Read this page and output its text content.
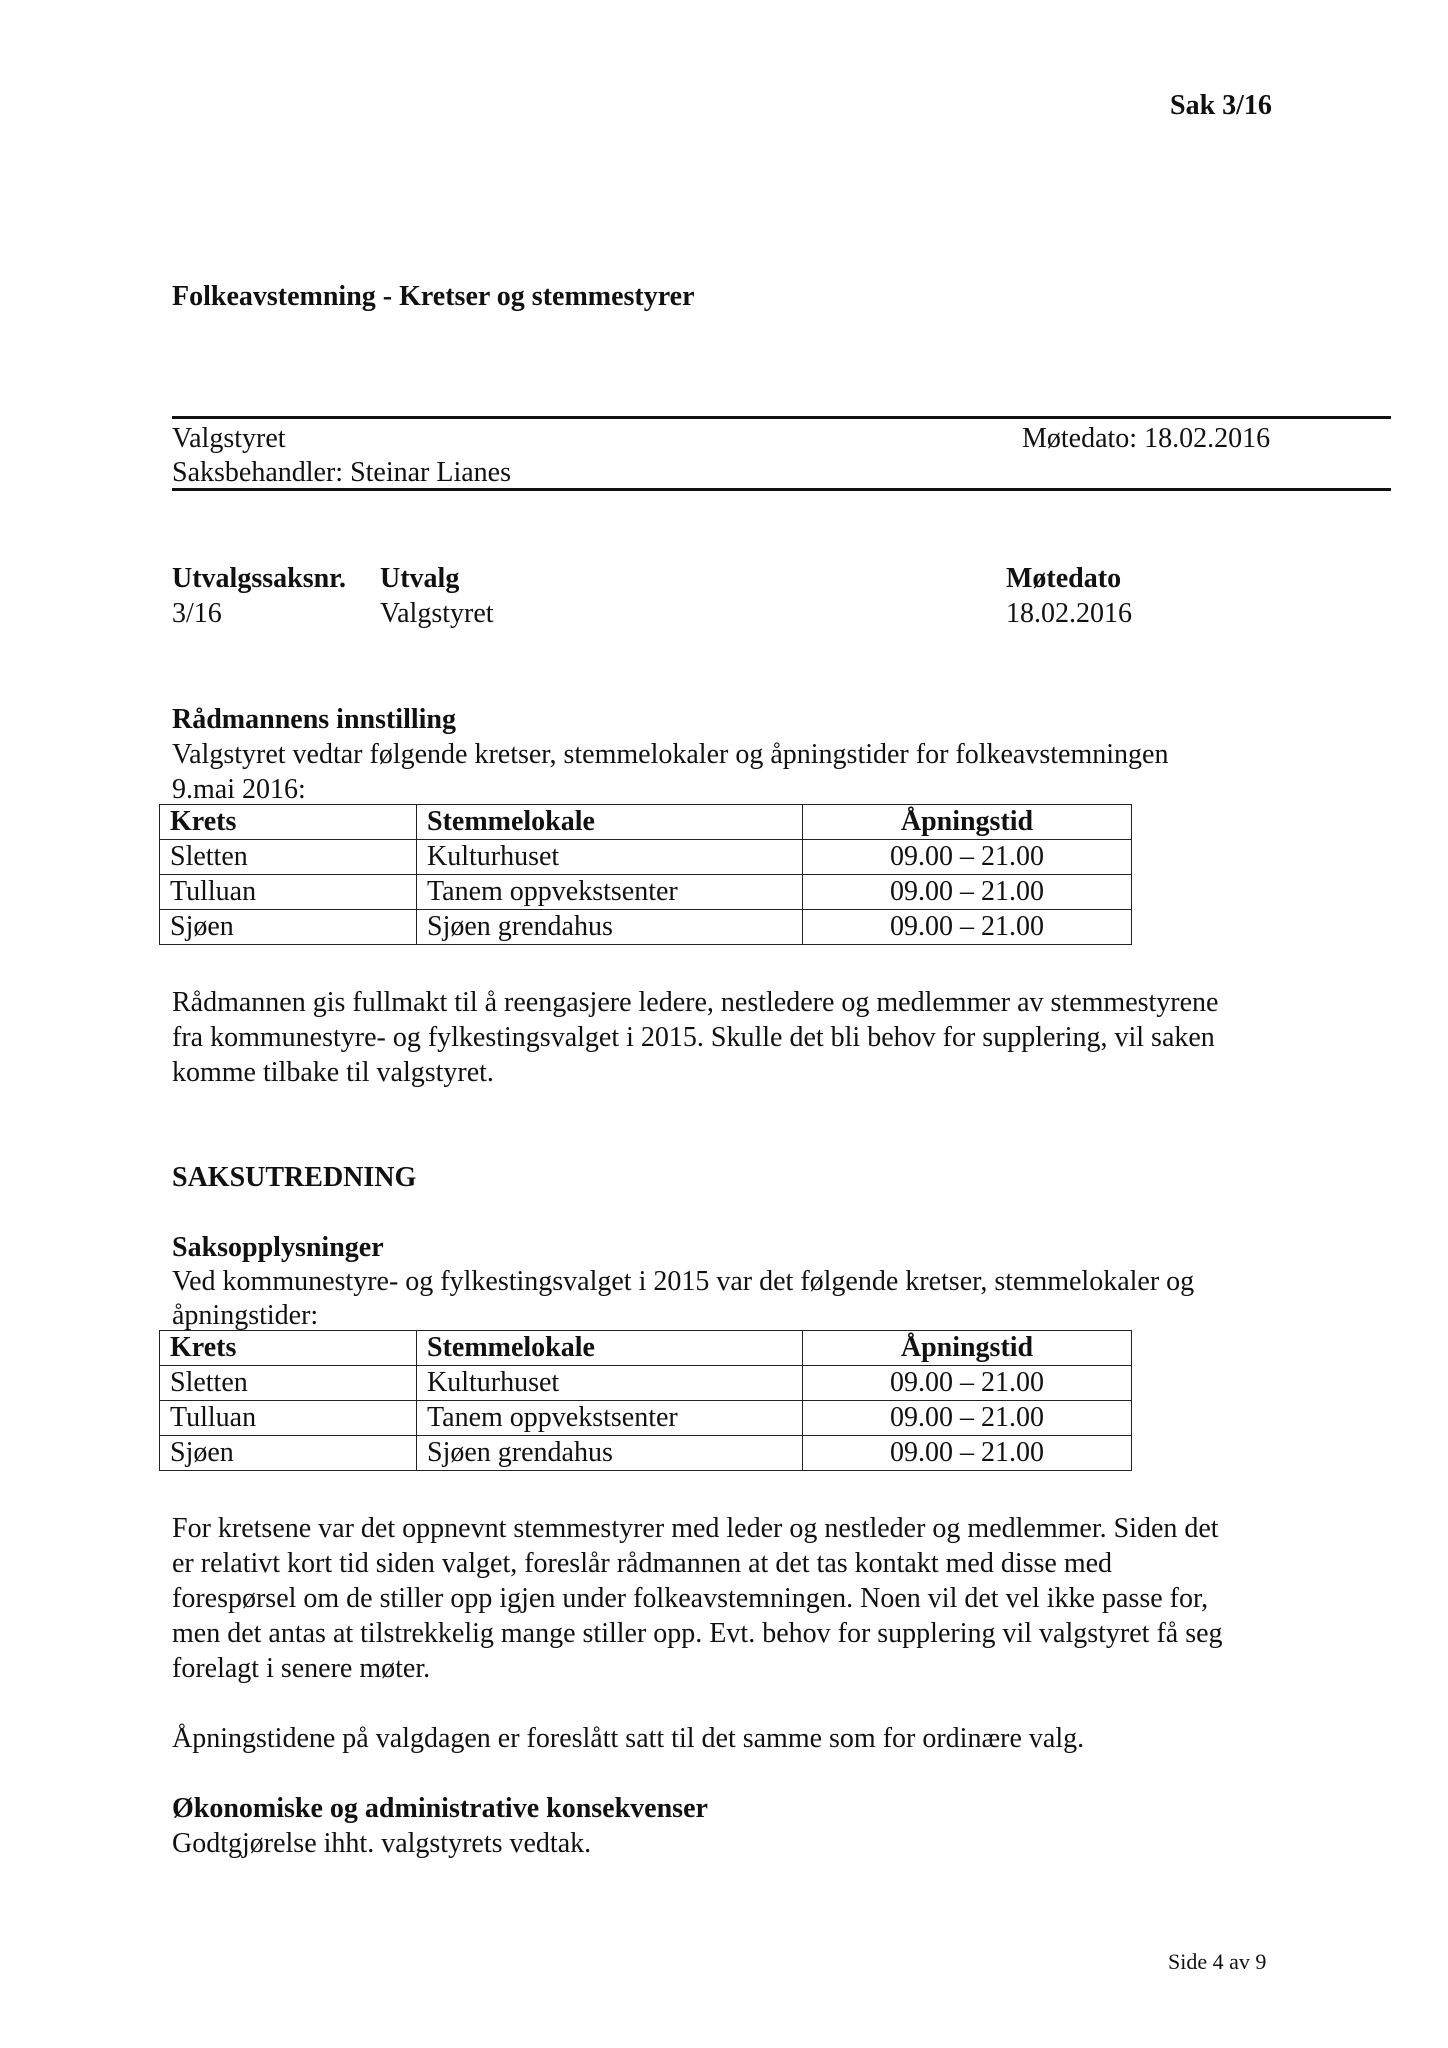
Sak 3/16
Folkeavstemning - Kretser og stemmestyrer
Valgstyret	Møtedato: 18.02.2016
Saksbehandler: Steinar Lianes
Utvalgssaksnr. Utvalg	Møtedato
3/16	Valgstyret	18.02.2016
Rådmannens innstilling
Valgstyret vedtar følgende kretser, stemmelokaler og åpningstider for folkeavstemningen
9.mai 2016:
Krets	Stemmelokale	Åpningstid
Sletten	Kulturhuset	09.00 – 21.00
Tulluan	Tanem oppvekstsenter	09.00 – 21.00
Sjøen	Sjøen grendahus	09.00 – 21.00
Rådmannen gis fullmakt til å reengasjere ledere, nestledere og medlemmer av stemmestyrene
fra kommunestyre- og fylkestingsvalget i 2015. Skulle det bli behov for supplering, vil saken
komme tilbake til valgstyret.
SAKSUTREDNING
Saksopplysninger
Ved kommunestyre- og fylkestingsvalget i 2015 var det følgende kretser, stemmelokaler og
åpningstider:
Krets	Stemmelokale	Åpningstid
Sletten	Kulturhuset	09.00 – 21.00
Tulluan	Tanem oppvekstsenter	09.00 – 21.00
Sjøen	Sjøen grendahus	09.00 – 21.00
For kretsene var det oppnevnt stemmestyrer med leder og nestleder og medlemmer. Siden det
er relativt kort tid siden valget, foreslår rådmannen at det tas kontakt med disse med
forespørsel om de stiller opp igjen under folkeavstemningen. Noen vil det vel ikke passe for,
men det antas at tilstrekkelig mange stiller opp. Evt. behov for supplering vil valgstyret få seg
forelagt i senere møter.
Åpningstidene på valgdagen er foreslått satt til det samme som for ordinære valg.
Økonomiske og administrative konsekvenser
Godtgjørelse ihht. valgstyrets vedtak.
Side 4 av 9
